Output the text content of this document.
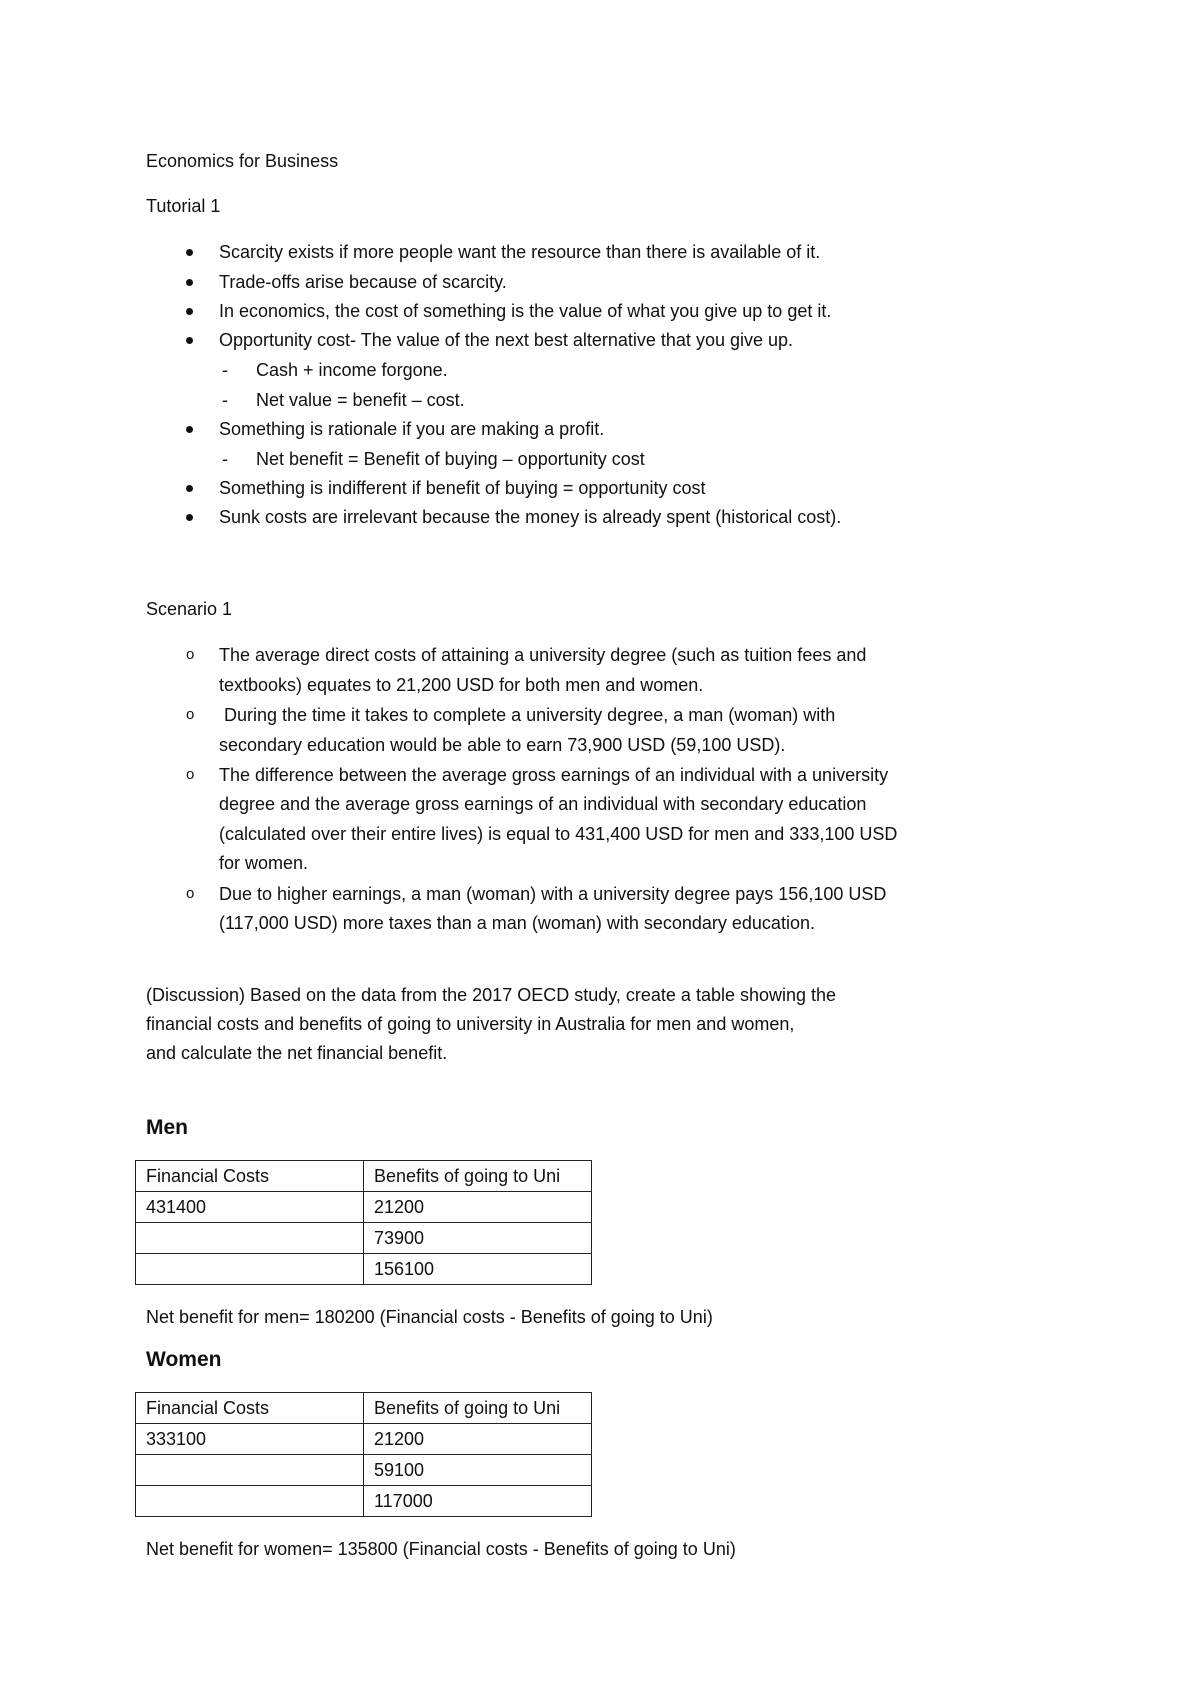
Economics for Business
Tutorial 1
Scarcity exists if more people want the resource than there is available of it.
Trade-offs arise because of scarcity.
In economics, the cost of something is the value of what you give up to get it.
Opportunity cost- The value of the next best alternative that you give up.
- Cash + income forgone.
- Net value = benefit – cost.
Something is rationale if you are making a profit.
- Net benefit = Benefit of buying – opportunity cost
Something is indifferent if benefit of buying = opportunity cost
Sunk costs are irrelevant because the money is already spent (historical cost).
Scenario 1
o The average direct costs of attaining a university degree (such as tuition fees and
textbooks) equates to 21,200 USD for both men and women.
o During the time it takes to complete a university degree, a man (woman) with
secondary education would be able to earn 73,900 USD (59,100 USD).
o The difference between the average gross earnings of an individual with a university
degree and the average gross earnings of an individual with secondary education
(calculated over their entire lives) is equal to 431,400 USD for men and 333,100 USD
for women.
o Due to higher earnings, a man (woman) with a university degree pays 156,100 USD
(117,000 USD) more taxes than a man (woman) with secondary education.
(Discussion) Based on the data from the 2017 OECD study, create a table showing the
financial costs and benefits of going to university in Australia for men and women,
and calculate the net financial benefit.
Men
Financial Costs	Benefits of going to Uni
431400	21200
	73900
	156100
Net benefit for men= 180200 (Financial costs - Benefits of going to Uni)
Women
Financial Costs	Benefits of going to Uni
333100	21200
	59100
	117000
Net benefit for women= 135800 (Financial costs - Benefits of going to Uni)
